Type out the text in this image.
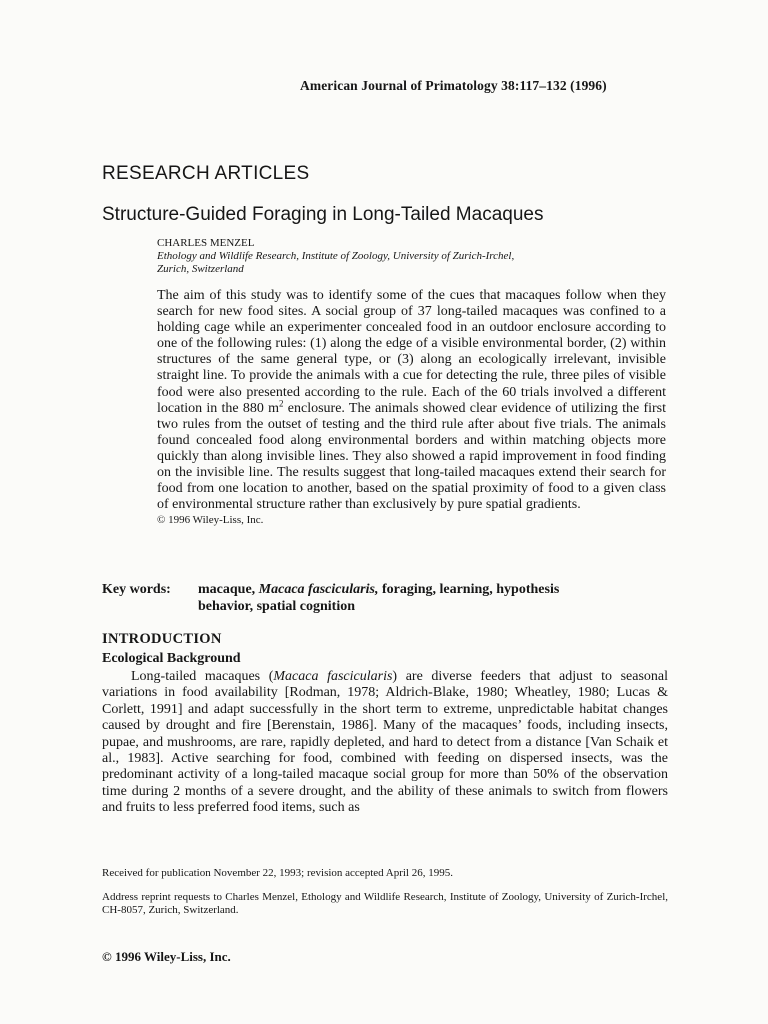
American Journal of Primatology 38:117–132 (1996)
RESEARCH ARTICLES
Structure-Guided Foraging in Long-Tailed Macaques
CHARLES MENZEL
Ethology and Wildlife Research, Institute of Zoology, University of Zurich-Irchel,
Zurich, Switzerland
The aim of this study was to identify some of the cues that macaques follow when they search for new food sites. A social group of 37 long-tailed macaques was confined to a holding cage while an experimenter concealed food in an outdoor enclosure according to one of the following rules: (1) along the edge of a visible environmental border, (2) within structures of the same general type, or (3) along an ecologically irrelevant, invisible straight line. To provide the animals with a cue for detecting the rule, three piles of visible food were also presented according to the rule. Each of the 60 trials involved a different location in the 880 $m^2$ enclosure. The animals showed clear evidence of utilizing the first two rules from the outset of testing and the third rule after about five trials. The animals found concealed food along environmental borders and within matching objects more quickly than along invisible lines. They also showed a rapid improvement in food finding on the invisible line. The results suggest that long-tailed macaques extend their search for food from one location to another, based on the spatial proximity of food to a given class of environmental structure rather than exclusively by pure spatial gradients.
© 1996 Wiley-Liss, Inc.
Key words: macaque, Macaca fascicularis, foraging, learning, hypothesis
behavior, spatial cognition
INTRODUCTION
Ecological Background

Long-tailed macaques (Macaca fascicularis) are diverse feeders that adjust to seasonal variations in food availability [Rodman, 1978; Aldrich-Blake, 1980; Wheatley, 1980; Lucas & Corlett, 1991] and adapt successfully in the short term to extreme, unpredictable habitat changes caused by drought and fire [Berenstain, 1986]. Many of the macaques’ foods, including insects, pupae, and mushrooms, are rare, rapidly depleted, and hard to detect from a distance [Van Schaik et al., 1983]. Active searching for food, combined with feeding on dispersed insects, was the predominant activity of a long-tailed macaque social group for more than 50% of the observation time during 2 months of a severe drought, and the ability of these animals to switch from flowers and fruits to less preferred food items, such as

Received for publication November 22, 1993; revision accepted April 26, 1995.
Address reprint requests to Charles Menzel, Ethology and Wildlife Research, Institute of Zoology, University of Zurich-Irchel, CH-8057, Zurich, Switzerland.
© 1996 Wiley-Liss, Inc.
